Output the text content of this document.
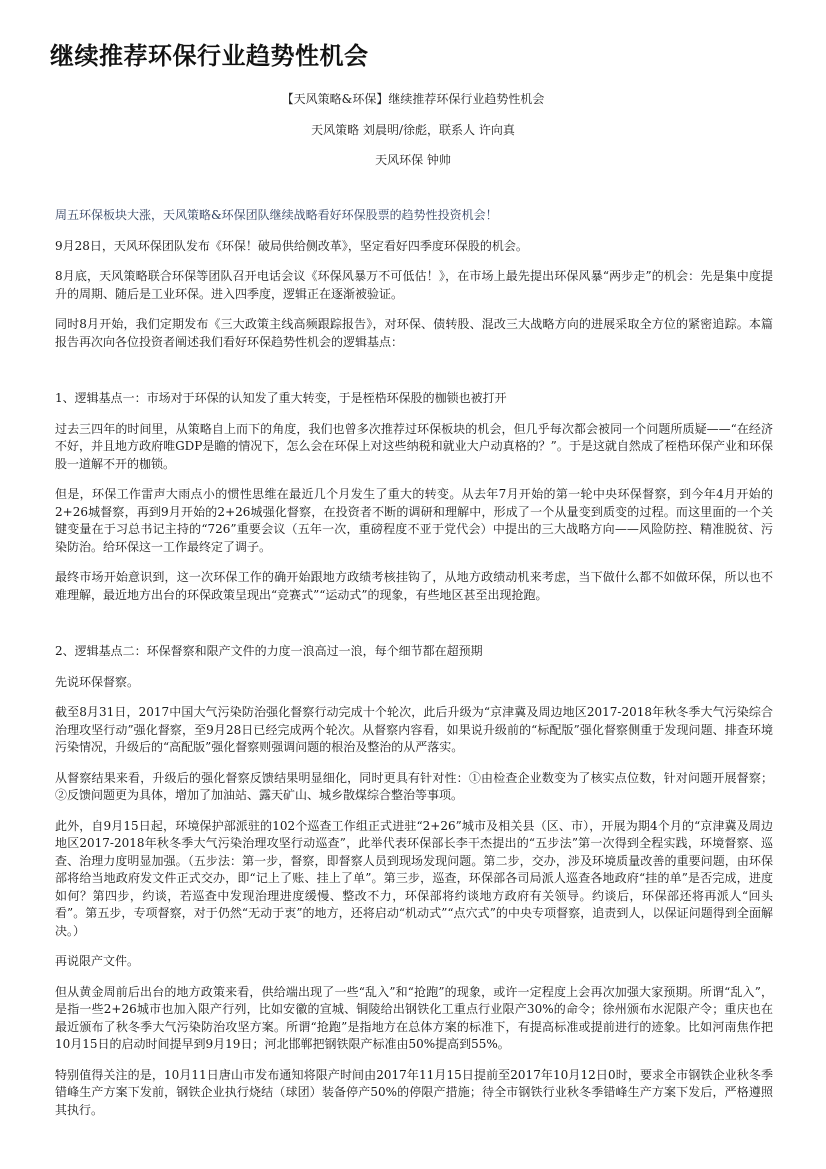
继续推荐环保行业趋势性机会
【天风策略&环保】继续推荐环保行业趋势性机会
天风策略 刘晨明/徐彪，联系人 许向真
天风环保 钟帅

周五环保板块大涨，天风策略&环保团队继续战略看好环保股票的趋势性投资机会！

9月28日，天风环保团队发布《环保！破局供给侧改革》，坚定看好四季度环保股的机会。

8月底，天风策略联合环保等团队召开电话会议《环保风暴万不可低估！》，在市场上最先提出环保风暴“两步走”的机会：先是集中度提升的周期、随后是工业环保。进入四季度，逻辑正在逐渐被验证。

同时8月开始，我们定期发布《三大政策主线高频跟踪报告》，对环保、债转股、混改三大战略方向的进展采取全方位的紧密追踪。本篇报告再次向各位投资者阐述我们看好环保趋势性机会的逻辑基点：

1、逻辑基点一：市场对于环保的认知发了重大转变，于是桎梏环保股的枷锁也被打开

过去三四年的时间里，从策略自上而下的角度，我们也曾多次推荐过环保板块的机会，但几乎每次都会被同一个问题所质疑——“在经济不好，并且地方政府唯GDP是瞻的情况下，怎么会在环保上对这些纳税和就业大户动真格的？”。于是这就自然成了桎梏环保产业和环保股一道解不开的枷锁。

但是，环保工作雷声大雨点小的惯性思维在最近几个月发生了重大的转变。从去年7月开始的第一轮中央环保督察，到今年4月开始的2+26城督察，再到9月开始的2+26城强化督察，在投资者不断的调研和理解中，形成了一个从量变到质变的过程。而这里面的一个关键变量在于习总书记主持的“726”重要会议（五年一次，重磅程度不亚于党代会）中提出的三大战略方向——风险防控、精准脱贫、污染防治。给环保这一工作最终定了调子。

最终市场开始意识到，这一次环保工作的确开始跟地方政绩考核挂钩了，从地方政绩动机来考虑，当下做什么都不如做环保，所以也不难理解，最近地方出台的环保政策呈现出“竞赛式”“运动式”的现象，有些地区甚至出现抢跑。

2、逻辑基点二：环保督察和限产文件的力度一浪高过一浪，每个细节都在超预期

先说环保督察。

截至8月31日，2017中国大气污染防治强化督察行动完成十个轮次，此后升级为“京津冀及周边地区2017-2018年秋冬季大气污染综合治理攻坚行动”强化督察，至9月28日已经完成两个轮次。从督察内容看，如果说升级前的“标配版”强化督察侧重于发现问题、排查环境污染情况，升级后的“高配版”强化督察则强调问题的根治及整治的从严落实。

从督察结果来看，升级后的强化督察反馈结果明显细化，同时更具有针对性：①由检查企业数变为了核实点位数，针对问题开展督察；②反馈问题更为具体，增加了加油站、露天矿山、城乡散煤综合整治等事项。

此外，自9月15日起，环境保护部派驻的102个巡查工作组正式进驻“2+26”城市及相关县（区、市），开展为期4个月的“京津冀及周边地区2017-2018年秋冬季大气污染治理攻坚行动巡查”，此举代表环保部长李干杰提出的“五步法”第一次得到全程实践，环境督察、巡查、治理力度明显加强。（五步法：第一步，督察，即督察人员到现场发现问题。第二步，交办，涉及环境质量改善的重要问题，由环保部将给当地政府发文件正式交办，即“记上了账、挂上了单”。第三步，巡查，环保部各司局派人巡查各地政府“挂的单”是否完成，进度如何？第四步，约谈，若巡查中发现治理进度缓慢、整改不力，环保部将约谈地方政府有关领导。约谈后，环保部还将再派人“回头看”。第五步，专项督察，对于仍然“无动于衷”的地方，还将启动“机动式”“点穴式”的中央专项督察，追责到人，以保证问题得到全面解决。）

再说限产文件。

但从黄金周前后出台的地方政策来看，供给端出现了一些“乱入”和“抢跑”的现象，或许一定程度上会再次加强大家预期。所谓“乱入”，是指一些2+26城市也加入限产行列，比如安徽的宣城、铜陵给出钢铁化工重点行业限产30%的命令；徐州颁布水泥限产令；重庆也在最近颁布了秋冬季大气污染防治攻坚方案。所谓“抢跑”是指地方在总体方案的标准下，有提高标准或提前进行的迹象。比如河南焦作把10月15日的启动时间提早到9月19日；河北邯郸把钢铁限产标准由50%提高到55%。

特别值得关注的是，10月11日唐山市发布通知将限产时间由2017年11月15日提前至2017年10月12日0时，要求全市钢铁企业秋冬季错峰生产方案下发前，钢铁企业执行烧结（球团）装备停产50%的停限产措施；待全市钢铁行业秋冬季错峰生产方案下发后，严格遵照其执行。
